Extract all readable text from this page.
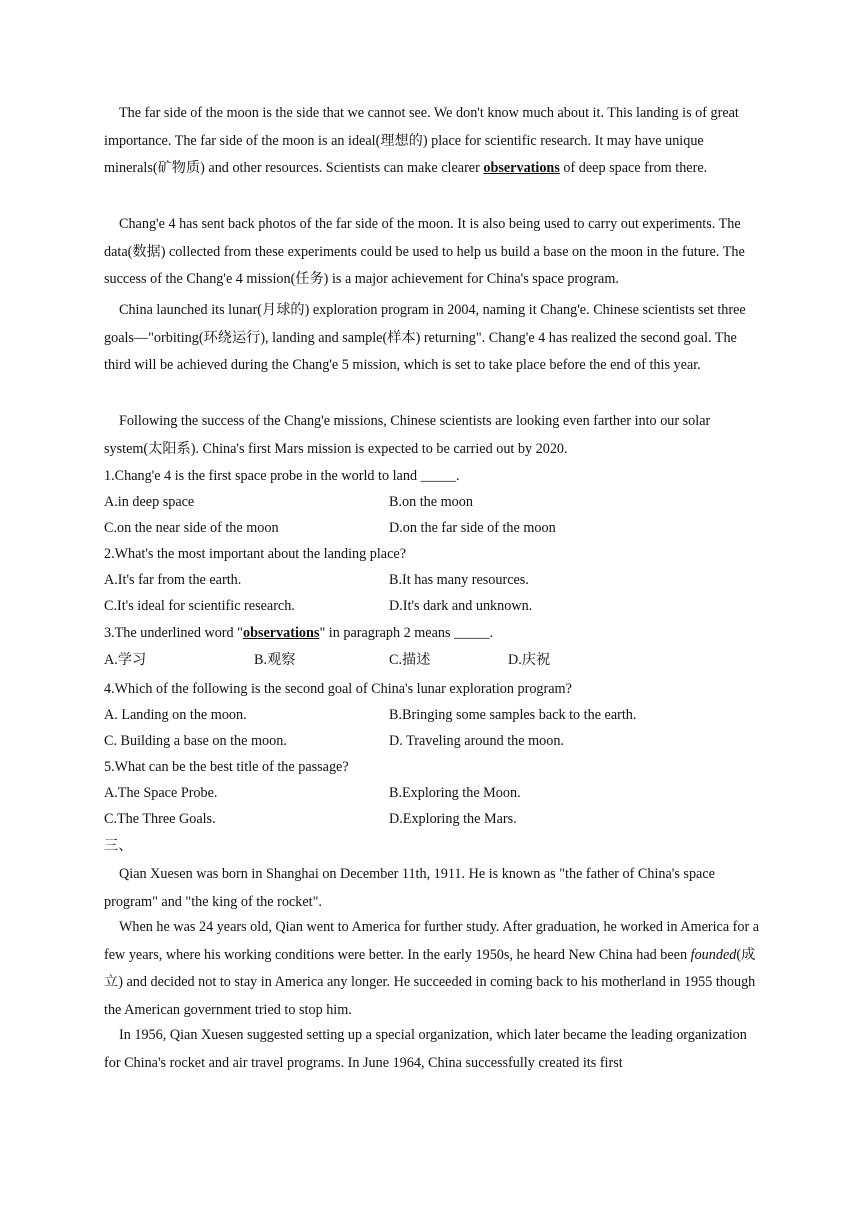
The far side of the moon is the side that we cannot see. We don't know much about it. This landing is of great importance. The far side of the moon is an ideal(理想的) place for scientific research. It may have unique minerals(矿物质) and other resources. Scientists can make clearer observations of deep space from there.

Chang'e 4 has sent back photos of the far side of the moon. It is also being used to carry out experiments. The data(数据) collected from these experiments could be used to help us build a base on the moon in the future. The success of the Chang'e 4 mission(任务) is a major achievement for China's space program.

China launched its lunar(月球的) exploration program in 2004, naming it Chang'e. Chinese scientists set three goals—"orbiting(环绕运行), landing and sample(样本) returning". Chang'e 4 has realized the second goal. The third will be achieved during the Chang'e 5 mission, which is set to take place before the end of this year.

Following the success of the Chang'e missions, Chinese scientists are looking even farther into our solar system(太阳系). China's first Mars mission is expected to be carried out by 2020.

1.Chang'e 4 is the first space probe in the world to land _____.
A.in deep space	B.on the moon
C.on the near side of the moon	D.on the far side of the moon
2.What's the most important about the landing place?
A.It's far from the earth.	B.It has many resources.
C.It's ideal for scientific research.	D.It's dark and unknown.
3.The underlined word "observations" in paragraph 2 means _____.
A.学习	B.观察	C.描述	D.庆祝
4.Which of the following is the second goal of China's lunar exploration program?
A. Landing on the moon.	B.Bringing some samples back to the earth.
C. Building a base on the moon.	D. Traveling around the moon.
5.What can be the best title of the passage?
A.The Space Probe.	B.Exploring the Moon.
C.The Three Goals.	D.Exploring the Mars.
三、

Qian Xuesen was born in Shanghai on December 11th, 1911. He is known as "the father of China's space program" and "the king of the rocket".

When he was 24 years old, Qian went to America for further study. After graduation, he worked in America for a few years, where his working conditions were better. In the early 1950s, he heard New China had been founded(成立) and decided not to stay in America any longer. He succeeded in coming back to his motherland in 1955 though the American government tried to stop him.

In 1956, Qian Xuesen suggested setting up a special organization, which later became the leading organization for China's rocket and air travel programs. In June 1964, China successfully created its first
